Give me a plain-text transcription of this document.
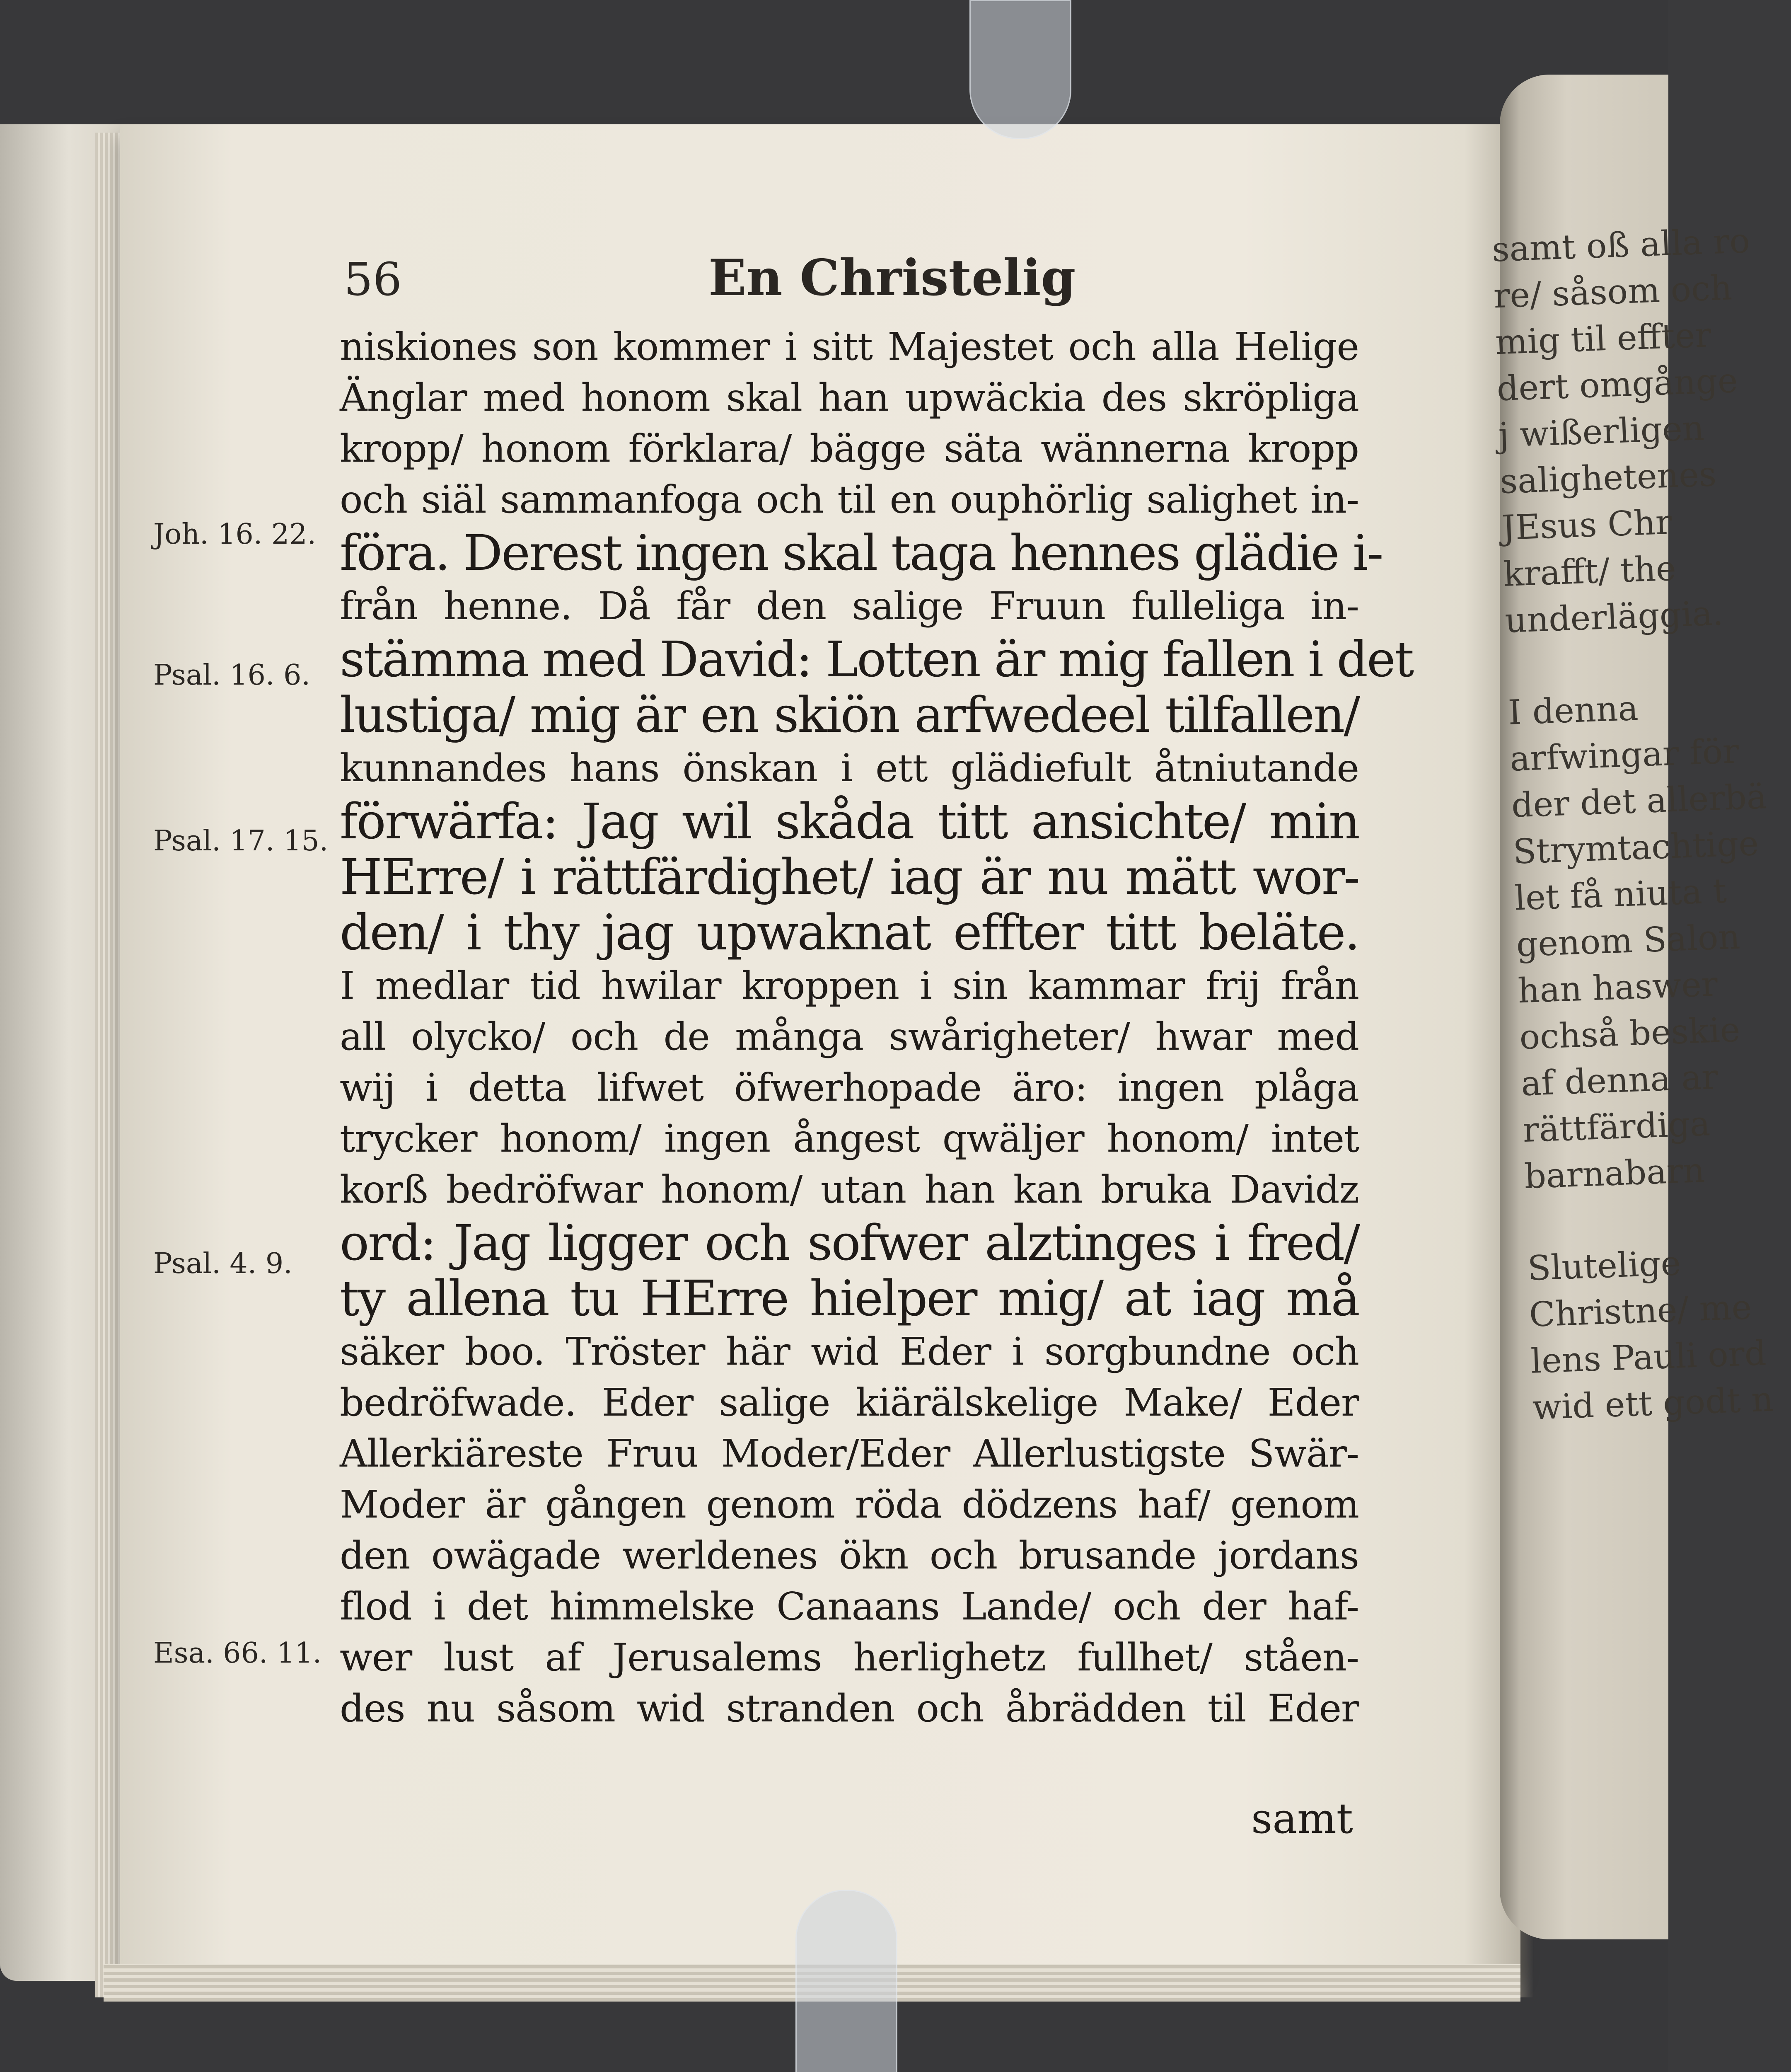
samt oß alla ro
re/ såsom och
mig til effter
dert omgånge
j wißerligen
salighetenes
JEsus Chr
krafft/ the
underläggia.
I denna
arfwingar för
der det allerbä
Strymtachtige
let få niuta t
genom Salon
han haswer
ochså beskie
af denna ar
rättfärdiga
barnabarn
Slutelige
Christne/ me
lens Pauli ord
wid ett godt n
56	En Christelig
Joh. 16. 22.
Psal. 16. 6.
Psal. 17. 15.
Psal. 4. 9.
Esa. 66. 11.
niskiones son kommer i sitt Majestet och alla Helige
Änglar med honom skal han upwäckia des skröpliga
kropp/ honom förklara/ bägge säta wännerna kropp
och siäl sammanfoga och til en ouphörlig salighet in-
föra. Derest ingen skal taga hennes glädie i-
från henne. Då får den salige Fruun fulleliga in-
stämma med David: Lotten är mig fallen i det
lustiga/ mig är en skiön arfwedeel tilfallen/
kunnandes hans önskan i ett glädiefult åtniutande
förwärfa: Jag wil skåda titt ansichte/ min
HErre/ i rättfärdighet/ iag är nu mätt wor-
den/ i thy jag upwaknat effter titt beläte.
I medlar tid hwilar kroppen i sin kammar frij från
all olycko/ och de många swårigheter/ hwar med
wij i detta lifwet öfwerhopade äro: ingen plåga
trycker honom/ ingen ångest qwäljer honom/ intet
korß bedröfwar honom/ utan han kan bruka Davidz
ord: Jag ligger och sofwer alztinges i fred/
ty allena tu HErre hielper mig/ at iag må
säker boo. Tröster här wid Eder i sorgbundne och
bedröfwade. Eder salige kiärälskelige Make/ Eder
Allerkiäreste Fruu Moder/Eder Allerlustigste Swär-
Moder är gången genom röda dödzens haf/ genom
den owägade werldenes ökn och brusande jordans
flod i det himmelske Canaans Lande/ och der haf-
wer lust af Jerusalems herlighetz fullhet/ ståen-
des nu såsom wid stranden och åbrädden til Eder
samt
